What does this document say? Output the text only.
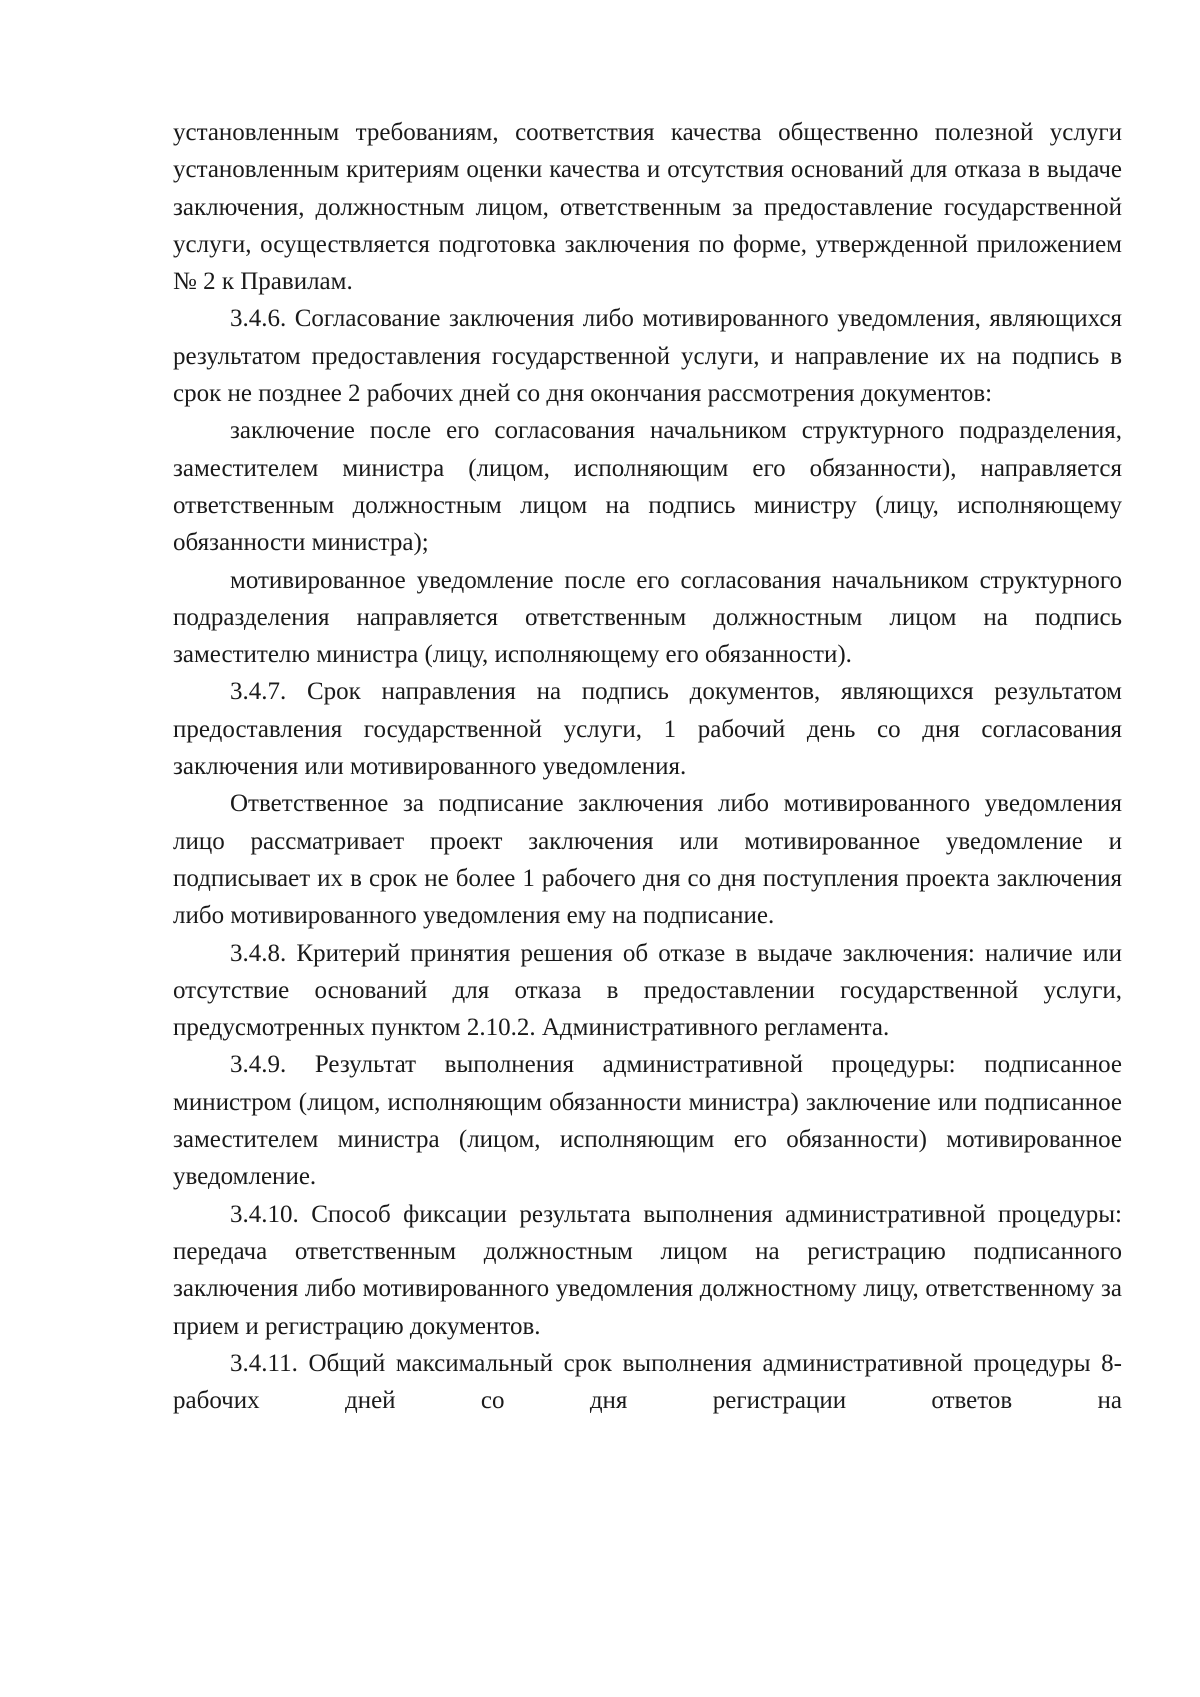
установленным требованиям, соответствия качества общественно полезной услуги установленным критериям оценки качества и отсутствия оснований для отказа в выдаче заключения, должностным лицом, ответственным за предоставление государственной услуги, осуществляется подготовка заключения по форме, утвержденной приложением № 2 к Правилам.

3.4.6. Согласование заключения либо мотивированного уведомления, являющихся результатом предоставления государственной услуги, и направление их на подпись в срок не позднее 2 рабочих дней со дня окончания рассмотрения документов:

заключение после его согласования начальником структурного подразделения, заместителем министра (лицом, исполняющим его обязанности), направляется ответственным должностным лицом на подпись министру (лицу, исполняющему обязанности министра);

мотивированное уведомление после его согласования начальником структурного подразделения направляется ответственным должностным лицом на подпись заместителю министра (лицу, исполняющему его обязанности).

3.4.7. Срок направления на подпись документов, являющихся результатом предоставления государственной услуги, 1 рабочий день со дня согласования заключения или мотивированного уведомления.

Ответственное за подписание заключения либо мотивированного уведомления лицо рассматривает проект заключения или мотивированное уведомление и подписывает их в срок не более 1 рабочего дня со дня поступления проекта заключения либо мотивированного уведомления ему на подписание.

3.4.8. Критерий принятия решения об отказе в выдаче заключения: наличие или отсутствие оснований для отказа в предоставлении государственной услуги, предусмотренных пунктом 2.10.2. Административного регламента.

3.4.9. Результат выполнения административной процедуры: подписанное министром (лицом, исполняющим обязанности министра) заключение или подписанное заместителем министра (лицом, исполняющим его обязанности) мотивированное уведомление.

3.4.10. Способ фиксации результата выполнения административной процедуры: передача ответственным должностным лицом на регистрацию подписанного заключения либо мотивированного уведомления должностному лицу, ответственному за прием и регистрацию документов.

3.4.11. Общий максимальный срок выполнения административной процедуры 8-рабочих дней со дня регистрации ответов на
